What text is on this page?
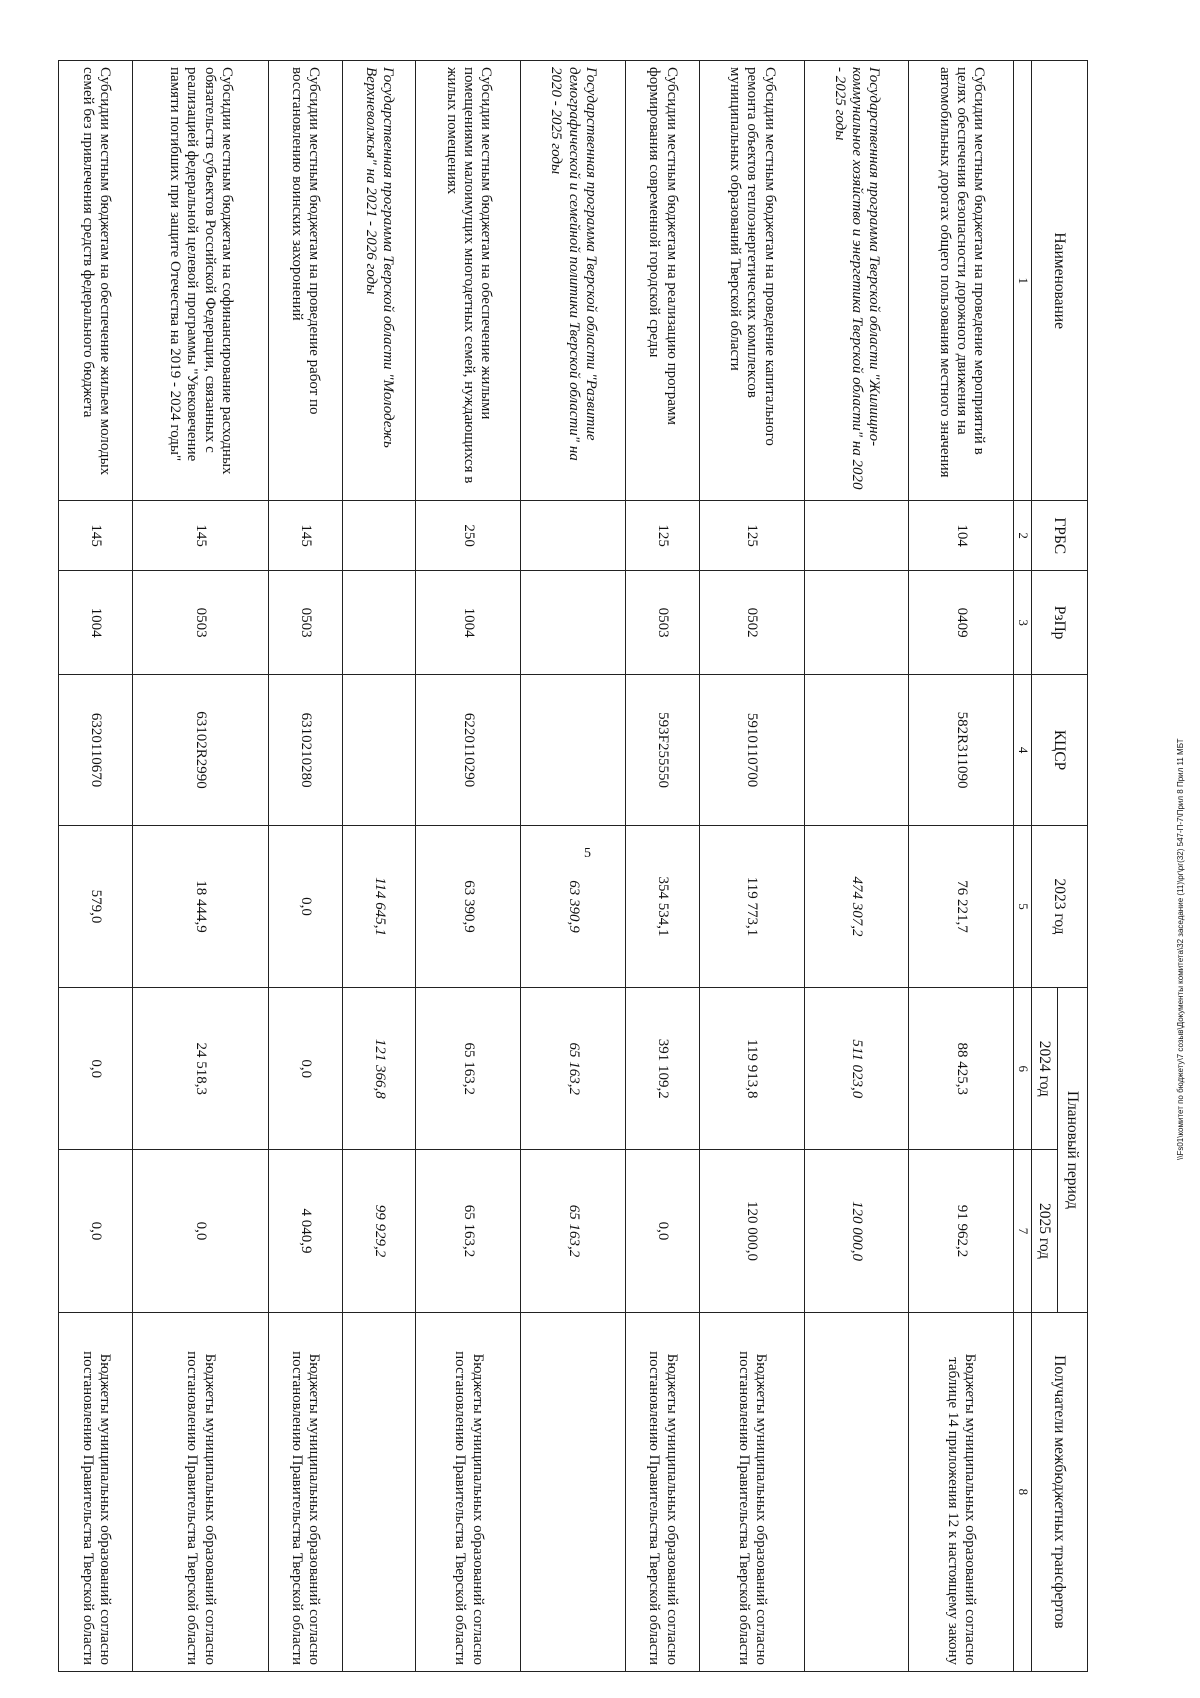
5
Наименование	ГРБС	РзПр	КЦСР	2023 год	Плановый период		Получатели межбюджетных трансфертов
					2024 год	2025 год	
1	2	3	4	5	6	7	8
Субсидии местным бюджетам на проведение мероприятий в целях обеспечения безопасности дорожного движения на автомобильных дорогах общего пользования местного значения	104	0409	582R311090	76 221,7	88 425,3	91 962,2	Бюджеты муниципальных образований согласно таблице 14 приложения 12 к настоящему закону
Государственная программа Тверской области "Жилищно-коммунальное хозяйство и энергетика Тверской области" на 2020 - 2025 годы				474 307,2	511 023,0	120 000,0	
Субсидии местным бюджетам на проведение капитального ремонта объектов теплоэнергетических комплексов муниципальных образований Тверской области	125	0502	5910110700	119 773,1	119 913,8	120 000,0	Бюджеты муниципальных образований согласно постановлению Правительства Тверской области
Субсидии местным бюджетам на реализацию программ формирования современной городской среды	125	0503	593F255550	354 534,1	391 109,2	0,0	Бюджеты муниципальных образований согласно постановлению Правительства Тверской области
Государственная программа Тверской области "Развитие демографической и семейной политики Тверской области" на 2020 - 2025 годы				63 390,9	65 163,2	65 163,2	
Субсидии местным бюджетам на обеспечение жилыми помещениями малоимущих многодетных семей, нуждающихся в жилых помещениях	250	1004	6220110290	63 390,9	65 163,2	65 163,2	Бюджеты муниципальных образований согласно постановлению Правительства Тверской области
Государственная программа Тверской области "Молодежь Верхневолжья" на 2021 - 2026 годы				114 645,1	121 366,8	99 929,2	
Субсидии местным бюджетам на проведение работ по восстановлению воинских захоронений	145	0503	6310210280	0,0	0,0	4 040,9	Бюджеты муниципальных образований согласно постановлению Правительства Тверской области
Субсидии местным бюджетам на софинансирование расходных обязательств субъектов Российской Федерации, связанных с реализацией федеральной целевой программы "Увековечение памяти погибших при защите Отечества на 2019 - 2024 годы"	145	0503	63102R2990	18 444,9	24 518,3	0,0	Бюджеты муниципальных образований согласно постановлению Правительства Тверской области
Субсидии местным бюджетам на обеспечение жильем молодых семей без привлечения средств федерального бюджета	145	1004	6320110670	579,0	0,0	0,0	Бюджеты муниципальных образований согласно постановлению Правительства Тверской области
\\Fs01\комитет по бюджету\7 созыв\Документы комитета\32 заседание (11)\рг\рг(32) 547-П-7\Прил 8 Прил 11 МБТ
